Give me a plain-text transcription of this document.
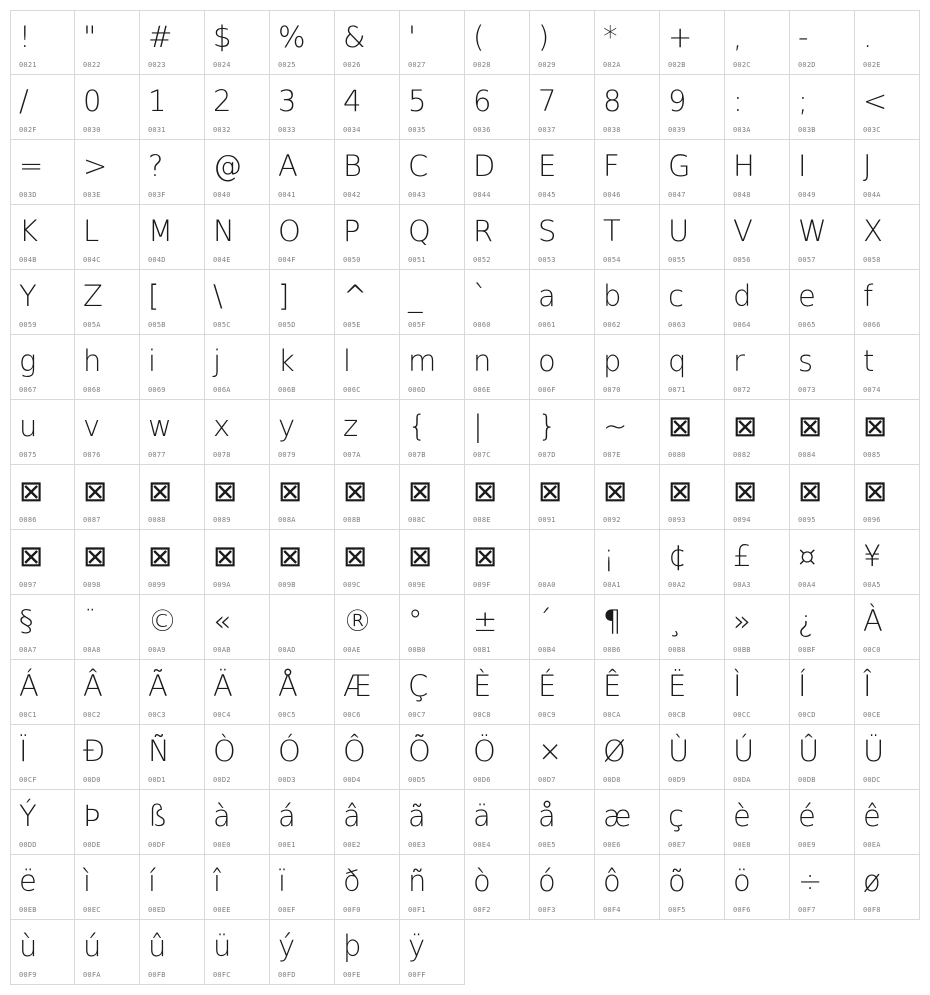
!
0021
"
0022
#
0023
$
0024
%
0025
&
0026
'
0027
(
0028
)
0029
*
002A
+
002B
,
002C
-
002D
.
002E
/
002F
0
0030
1
0031
2
0032
3
0033
4
0034
5
0035
6
0036
7
0037
8
0038
9
0039
:
003A
;
003B
<
003C
=
003D
>
003E
?
003F
@
0040
A
0041
B
0042
C
0043
D
0044
E
0045
F
0046
G
0047
H
0048
I
0049
J
004A
K
004B
L
004C
M
004D
N
004E
O
004F
P
0050
Q
0051
R
0052
S
0053
T
0054
U
0055
V
0056
W
0057
X
0058
Y
0059
Z
005A
[
005B
\
005C
]
005D
^
005E
_
005F
`
0060
a
0061
b
0062
c
0063
d
0064
e
0065
f
0066
g
0067
h
0068
i
0069
j
006A
k
006B
l
006C
m
006D
n
006E
o
006F
p
0070
q
0071
r
0072
s
0073
t
0074
u
0075
v
0076
w
0077
x
0078
y
0079
z
007A
{
007B
|
007C
}
007D
~
007E
⊠
0080
⊠
0082
⊠
0084
⊠
0085
⊠
0086
⊠
0087
⊠
0088
⊠
0089
⊠
008A
⊠
008B
⊠
008C
⊠
008E
⊠
0091
⊠
0092
⊠
0093
⊠
0094
⊠
0095
⊠
0096
⊠
0097
⊠
0098
⊠
0099
⊠
009A
⊠
009B
⊠
009C
⊠
009E
⊠
009F	00A0
¡
00A1
¢
00A2
£
00A3
¤
00A4
¥
00A5
§
00A7
¨
00A8
©
00A9
«
00AB	00AD
®
00AE
°
00B0
±
00B1
´
00B4
¶
00B6
¸
00B8
»
00BB
¿
00BF
À
00C0
Á
00C1
Â
00C2
Ã
00C3
Ä
00C4
Å
00C5
Æ
00C6
Ç
00C7
È
00C8
É
00C9
Ê
00CA
Ë
00CB
Ì
00CC
Í
00CD
Î
00CE
Ï
00CF
Ð
00D0
Ñ
00D1
Ò
00D2
Ó
00D3
Ô
00D4
Õ
00D5
Ö
00D6
×
00D7
Ø
00D8
Ù
00D9
Ú
00DA
Û
00DB
Ü
00DC
Ý
00DD
Þ
00DE
ß
00DF
à
00E0
á
00E1
â
00E2
ã
00E3
ä
00E4
å
00E5
æ
00E6
ç
00E7
è
00E8
é
00E9
ê
00EA
ë
00EB
ì
00EC
í
00ED
î
00EE
ï
00EF
ð
00F0
ñ
00F1
ò
00F2
ó
00F3
ô
00F4
õ
00F5
ö
00F6
÷
00F7
ø
00F8
ù
00F9
ú
00FA
û
00FB
ü
00FC
ý
00FD
þ
00FE
ÿ
00FF
